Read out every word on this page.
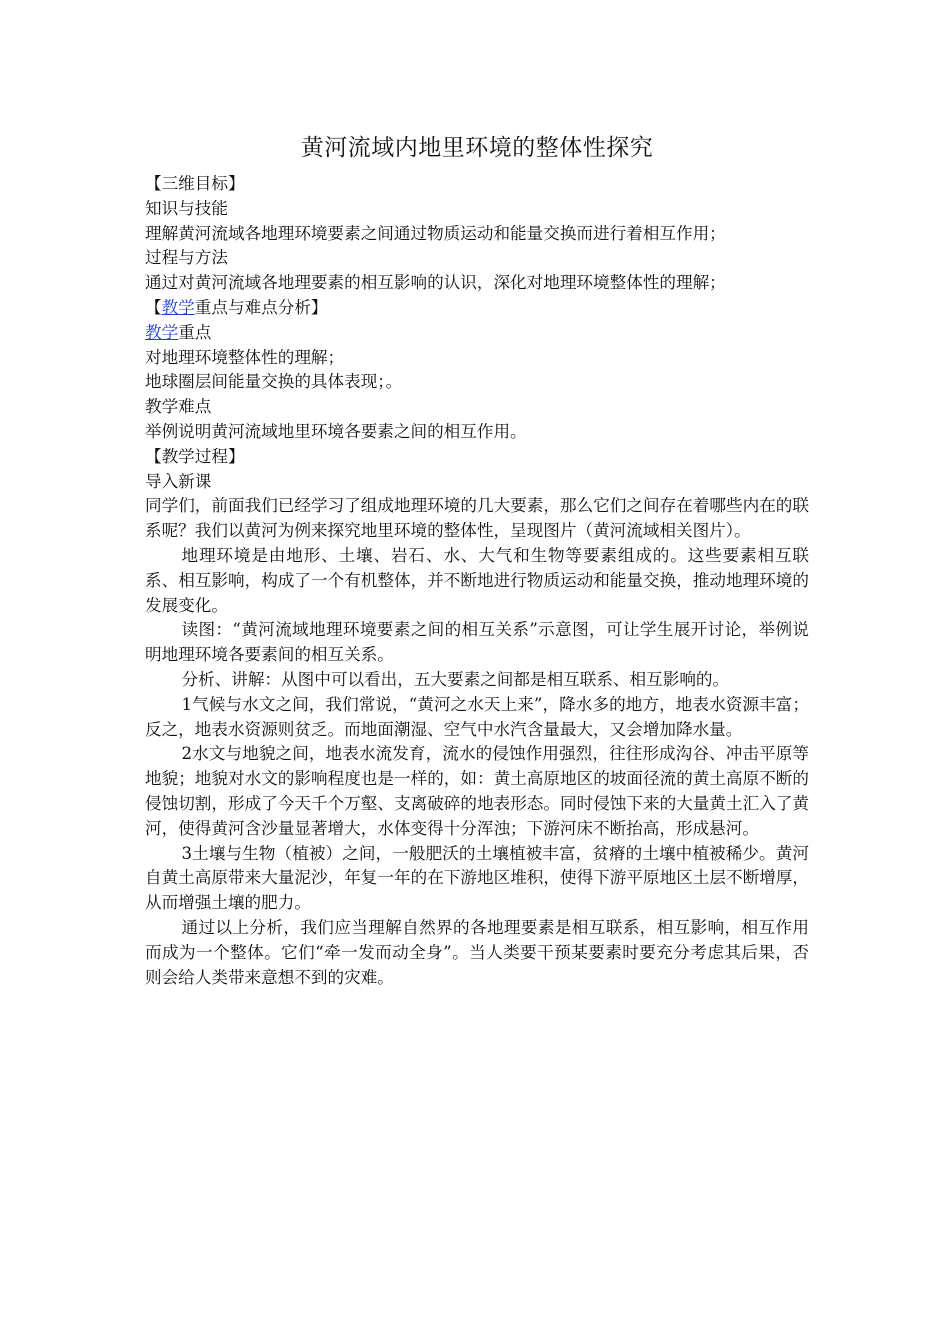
黄河流域内地里环境的整体性探究

【三维目标】

知识与技能

理解黄河流域各地理环境要素之间通过物质运动和能量交换而进行着相互作用；

过程与方法

通过对黄河流域各地理要素的相互影响的认识，深化对地理环境整体性的理解；

【教学重点与难点分析】

教学重点

对地理环境整体性的理解；

地球圈层间能量交换的具体表现；。

教学难点

举例说明黄河流域地里环境各要素之间的相互作用。

【教学过程】

导入新课

同学们，前面我们已经学习了组成地理环境的几大要素，那么它们之间存在着哪些内在的联系呢？我们以黄河为例来探究地里环境的整体性，呈现图片（黄河流域相关图片）。

地理环境是由地形、土壤、岩石、水、大气和生物等要素组成的。这些要素相互联系、相互影响，构成了一个有机整体，并不断地进行物质运动和能量交换，推动地理环境的发展变化。

读图：“黄河流域地理环境要素之间的相互关系”示意图，可让学生展开讨论，举例说明地理环境各要素间的相互关系。

分析、讲解：从图中可以看出，五大要素之间都是相互联系、相互影响的。

1气候与水文之间，我们常说，“黄河之水天上来”，降水多的地方，地表水资源丰富；反之，地表水资源则贫乏。而地面潮湿、空气中水汽含量最大，又会增加降水量。

2水文与地貌之间，地表水流发育，流水的侵蚀作用强烈，往往形成沟谷、冲击平原等地貌；地貌对水文的影响程度也是一样的，如：黄土高原地区的坡面径流的黄土高原不断的侵蚀切割，形成了今天千个万壑、支离破碎的地表形态。同时侵蚀下来的大量黄土汇入了黄河，使得黄河含沙量显著增大，水体变得十分浑浊；下游河床不断抬高，形成悬河。

3土壤与生物（植被）之间，一般肥沃的土壤植被丰富，贫瘠的土壤中植被稀少。黄河自黄土高原带来大量泥沙，年复一年的在下游地区堆积，使得下游平原地区土层不断增厚，从而增强土壤的肥力。

通过以上分析，我们应当理解自然界的各地理要素是相互联系，相互影响，相互作用而成为一个整体。它们“牵一发而动全身”。当人类要干预某要素时要充分考虑其后果，否则会给人类带来意想不到的灾难。
